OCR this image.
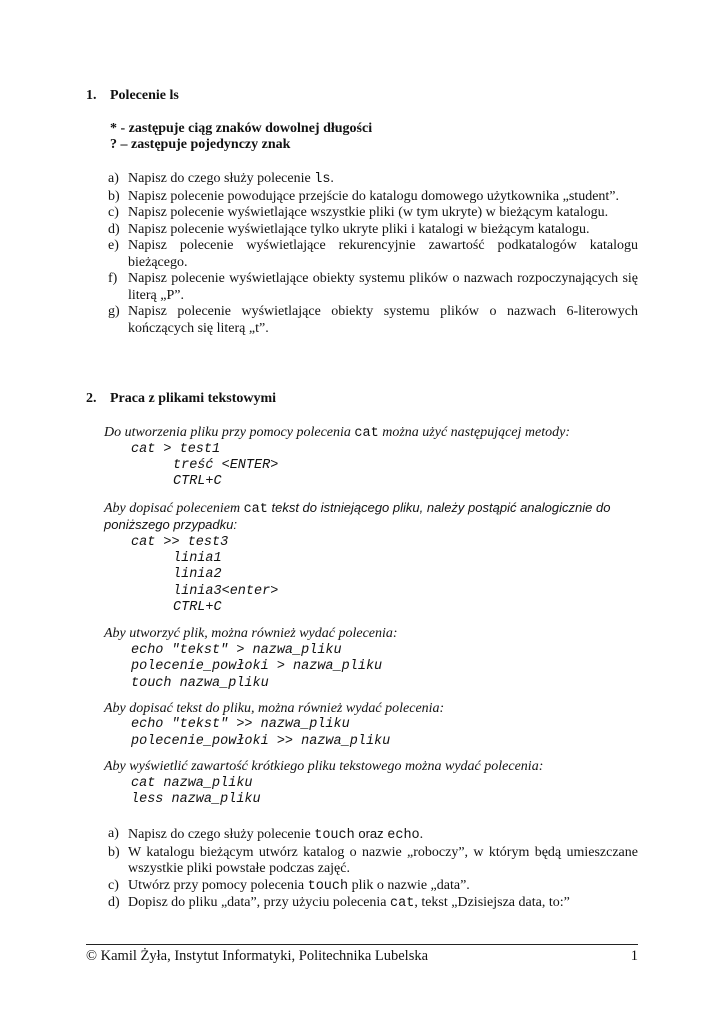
1. Polecenie ls
* - zastępuje ciąg znaków dowolnej długości
? – zastępuje pojedynczy znak
a) Napisz do czego służy polecenie ls.
b) Napisz polecenie powodujące przejście do katalogu domowego użytkownika „student”.
c) Napisz polecenie wyświetlające wszystkie pliki (w tym ukryte) w bieżącym katalogu.
d) Napisz polecenie wyświetlające tylko ukryte pliki i katalogi w bieżącym katalogu.
e) Napisz polecenie wyświetlające rekurencyjnie zawartość podkatalogów katalogu bieżącego.
f) Napisz polecenie wyświetlające obiekty systemu plików o nazwach rozpoczynających się literą „P”.
g) Napisz polecenie wyświetlające obiekty systemu plików o nazwach 6-literowych kończących się literą „t”.
2. Praca z plikami tekstowymi
Do utworzenia pliku przy pomocy polecenia cat można użyć następującej metody:
cat > test1
treść <ENTER>
CTRL+C
Aby dopisać poleceniem cat tekst do istniejącego pliku, należy postąpić analogicznie do
poniższego przypadku:
cat >> test3
linia1
linia2
linia3<enter>
CTRL+C
Aby utworzyć plik, można również wydać polecenia:
echo "tekst" > nazwa_pliku
polecenie_powłoki > nazwa_pliku
touch nazwa_pliku
Aby dopisać tekst do pliku, można również wydać polecenia:
echo "tekst" >> nazwa_pliku
polecenie_powłoki >> nazwa_pliku
Aby wyświetlić zawartość krótkiego pliku tekstowego można wydać polecenia:
cat nazwa_pliku
less nazwa_pliku
a) Napisz do czego służy polecenie touch oraz echo.
b) W katalogu bieżącym utwórz katalog o nazwie „roboczy”, w którym będą umieszczane wszystkie pliki powstałe podczas zajęć.
c) Utwórz przy pomocy polecenia touch plik o nazwie „data”.
d) Dopisz do pliku „data”, przy użyciu polecenia cat, tekst „Dzisiejsza data, to:”
© Kamil Żyła, Instytut Informatyki, Politechnika Lubelska	1
